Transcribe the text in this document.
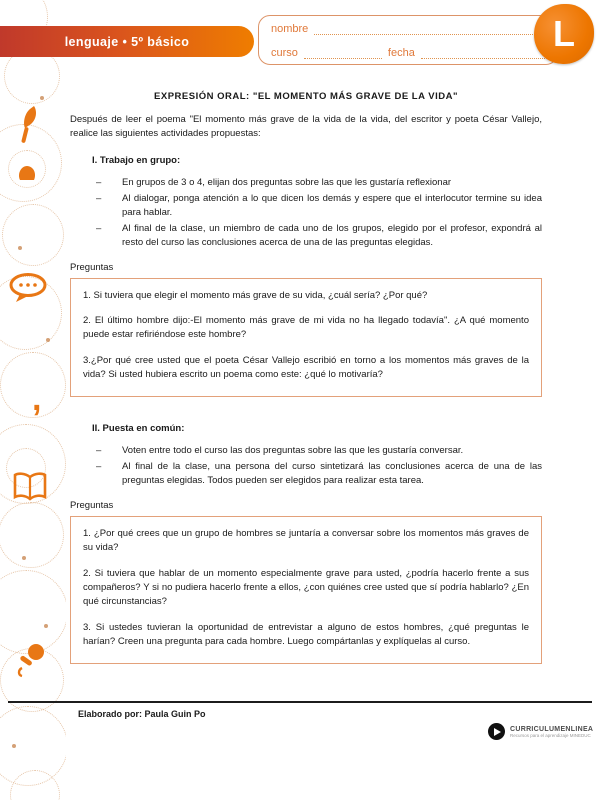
,
lenguaje • 5º básico
nombre
curso	fecha	L
EXPRESIÓN ORAL: "EL MOMENTO MÁS GRAVE DE LA VIDA"

Después de leer el poema "El momento más grave de la vida de la vida, del escritor y poeta César Vallejo, realice las siguientes actividades propuestas:

I. Trabajo en grupo:
–	En grupos de 3 o 4, elijan dos preguntas sobre las que les gustaría reflexionar
–	Al dialogar, ponga atención a lo que dicen los demás y espere que el interlocutor termine su idea para hablar.
–	Al final de la clase, un miembro de cada uno de los grupos, elegido por el profesor, expondrá al resto del curso las conclusiones acerca de una de las preguntas elegidas.
Preguntas

1. Si tuviera que elegir el momento más grave de su vida, ¿cuál sería? ¿Por qué?

2. El último hombre dijo:-El momento más grave de mi vida no ha llegado todavía". ¿A qué momento puede estar refiriéndose este hombre?

3.¿Por qué cree usted que el poeta César Vallejo escribió en torno a los momentos más graves de la vida? Si usted hubiera escrito un poema como este: ¿qué lo motivaría?

II. Puesta en común:
–	Voten entre todo el curso las dos preguntas sobre las que les gustaría conversar.
–	Al final de la clase, una persona del curso sintetizará las conclusiones acerca de una de las preguntas elegidas. Todos pueden ser elegidos para realizar esta tarea.
Preguntas

1. ¿Por qué crees que un grupo de hombres se juntaría a conversar sobre los momentos más graves de su vida?

2. Si tuviera que hablar de un momento especialmente grave para usted, ¿podría hacerlo frente a sus compañeros? Y si no pudiera hacerlo frente a ellos, ¿con quiénes cree usted que sí podría hablarlo? ¿En qué circunstancias?

3. Si ustedes tuvieran la oportunidad de entrevistar a alguno de estos hombres, ¿qué preguntas le harían? Creen una pregunta para cada hombre. Luego compártanlas y explíquelas al curso.

Elaborado por: Paula Guin Po
CURRICULUMENLINEA
Recursos para el aprendizaje MINEDUC
